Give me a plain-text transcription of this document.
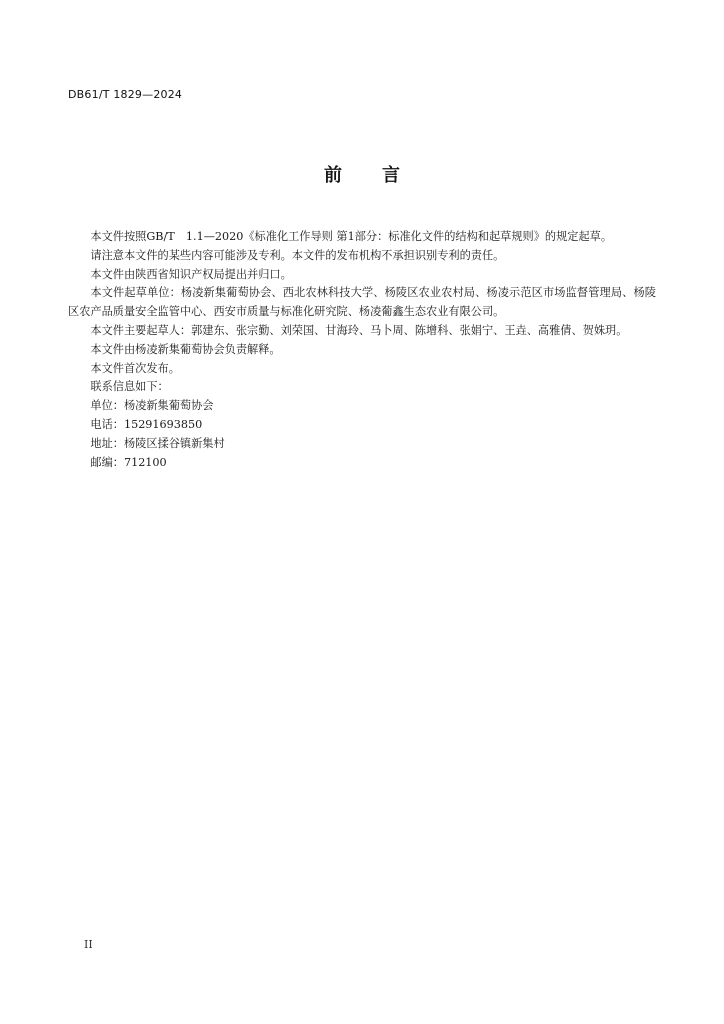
DB61/T 1829—2024
前 言

本文件按照GB/T　1.1—2020《标准化工作导则 第1部分：标准化文件的结构和起草规则》的规定起草。

请注意本文件的某些内容可能涉及专利。本文件的发布机构不承担识别专利的责任。

本文件由陕西省知识产权局提出并归口。

本文件起草单位：杨凌新集葡萄协会、西北农林科技大学、杨陵区农业农村局、杨凌示范区市场监督管理局、杨陵区农产品质量安全监管中心、西安市质量与标准化研究院、杨凌葡鑫生态农业有限公司。

本文件主要起草人：郭建东、张宗勤、刘荣国、甘海玲、马卜周、陈增科、张娟宁、王垚、高雅倩、贺姝玥。

本文件由杨凌新集葡萄协会负责解释。

本文件首次发布。

联系信息如下：

单位：杨凌新集葡萄协会

电话：15291693850

地址：杨陵区揉谷镇新集村

邮编：712100

II
